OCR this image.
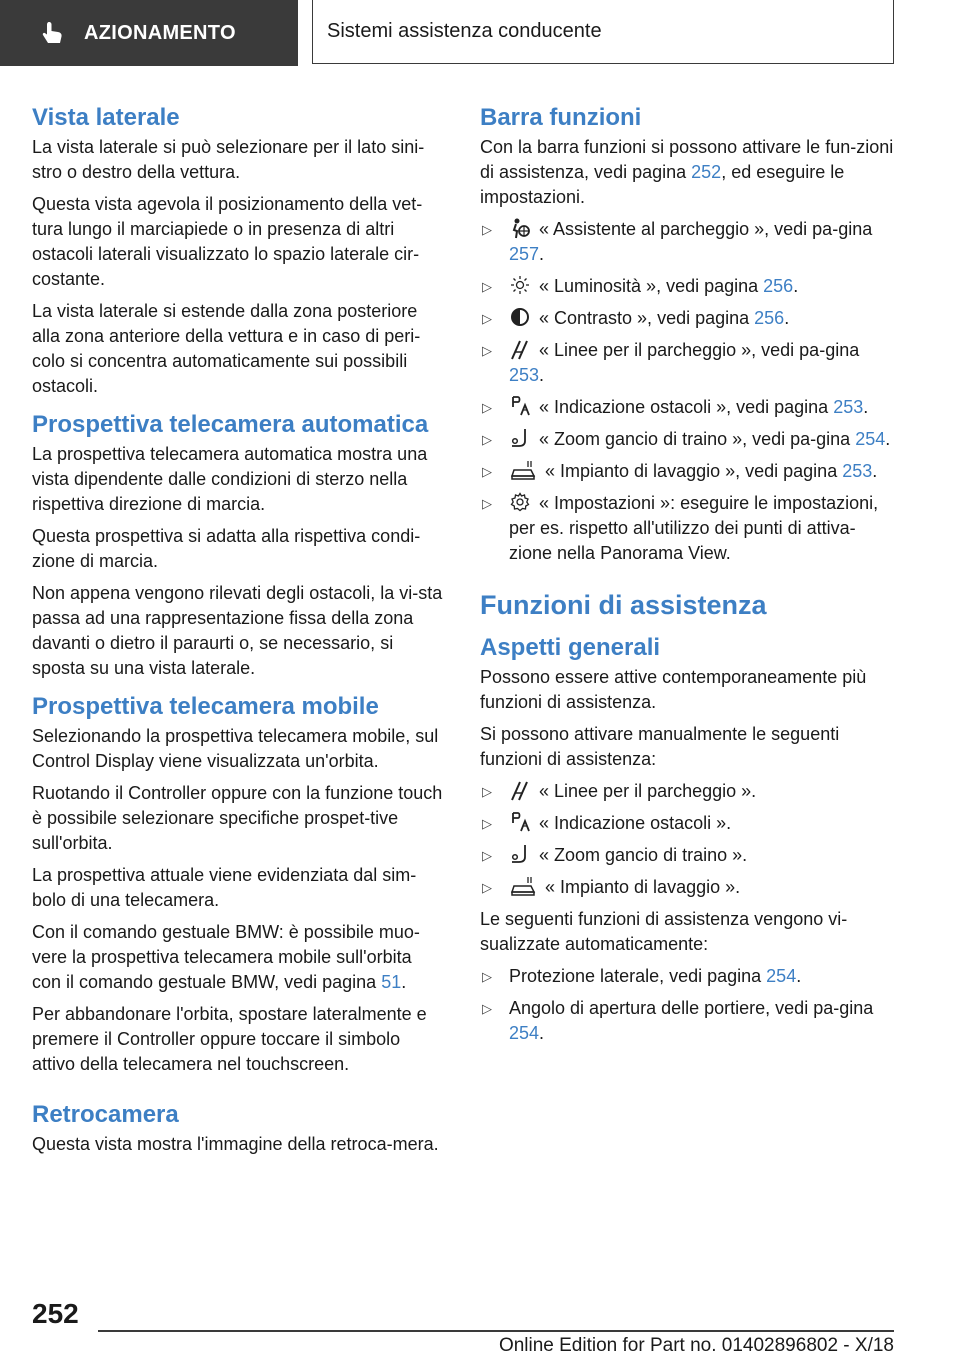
AZIONAMENTO	Sistemi assistenza conducente
Vista laterale

La vista laterale si può selezionare per il lato sini-stro o destro della vettura.

Questa vista agevola il posizionamento della vet-tura lungo il marciapiede o in presenza di altri ostacoli laterali visualizzato lo spazio laterale cir-costante.

La vista laterale si estende dalla zona posteriore alla zona anteriore della vettura e in caso di peri-colo si concentra automaticamente sui possibili ostacoli.

Prospettiva telecamera automatica

La prospettiva telecamera automatica mostra una vista dipendente dalle condizioni di sterzo nella rispettiva direzione di marcia.

Questa prospettiva si adatta alla rispettiva condi-zione di marcia.

Non appena vengono rilevati degli ostacoli, la vi-sta passa ad una rappresentazione fissa della zona davanti o dietro il paraurti o, se necessario, si sposta su una vista laterale.

Prospettiva telecamera mobile

Selezionando la prospettiva telecamera mobile, sul Control Display viene visualizzata un'orbita.

Ruotando il Controller oppure con la funzione touch è possibile selezionare specifiche prospet-tive sull'orbita.

La prospettiva attuale viene evidenziata dal sim-bolo di una telecamera.

Con il comando gestuale BMW: è possibile muo-vere la prospettiva telecamera mobile sull'orbita con il comando gestuale BMW, vedi pagina 51.

Per abbandonare l'orbita, spostare lateralmente e premere il Controller oppure toccare il simbolo attivo della telecamera nel touchscreen.

Retrocamera

Questa vista mostra l'immagine della retroca-mera.

Barra funzioni

Con la barra funzioni si possono attivare le fun-zioni di assistenza, vedi pagina 252, ed eseguire le impostazioni.

▷	« Assistente al parcheggio », vedi pa-gina 257.
▷	« Luminosità », vedi pagina 256.
▷	« Contrasto », vedi pagina 256.
▷	« Linee per il parcheggio », vedi pa-gina 253.
▷	« Indicazione ostacoli », vedi pagina 253.
▷	« Zoom gancio di traino », vedi pa-gina 254.
▷	« Impianto di lavaggio », vedi pagina 253.
▷	« Impostazioni »: eseguire le impostazioni, per es. rispetto all'utilizzo dei punti di attiva-zione nella Panorama View.
Funzioni di assistenza
Aspetti generali

Possono essere attive contemporaneamente più funzioni di assistenza.

Si possono attivare manualmente le seguenti funzioni di assistenza:

▷	« Linee per il parcheggio ».
▷	« Indicazione ostacoli ».
▷	« Zoom gancio di traino ».
▷	« Impianto di lavaggio ».

Le seguenti funzioni di assistenza vengono vi-sualizzate automaticamente:

▷ Protezione laterale, vedi pagina 254.
▷ Angolo di apertura delle portiere, vedi pa-gina 254.
252
Online Edition for Part no. 01402896802 - X/18
